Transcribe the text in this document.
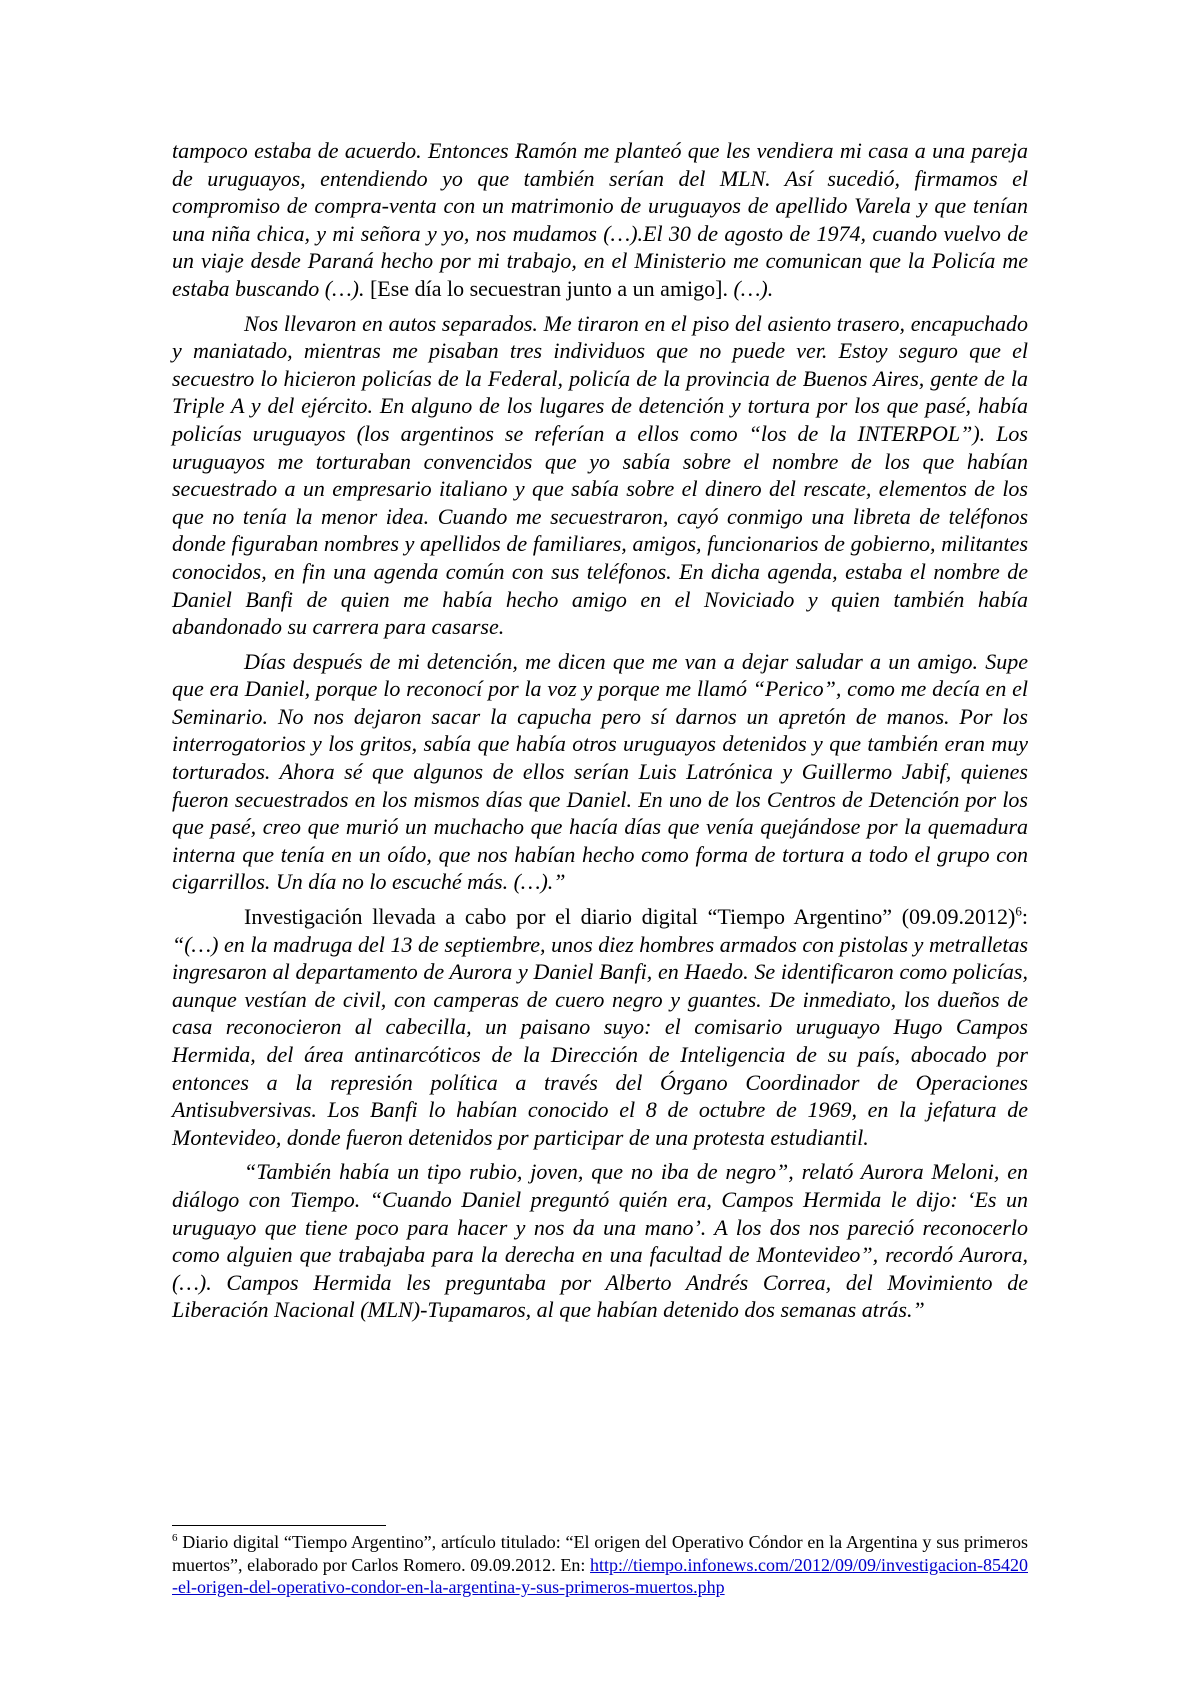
tampoco estaba de acuerdo. Entonces Ramón me planteó que les vendiera mi casa a una pareja de uruguayos, entendiendo yo que también serían del MLN. Así sucedió, firmamos el compromiso de compra-venta con un matrimonio de uruguayos de apellido Varela y que tenían una niña chica, y mi señora y yo, nos mudamos (…).El 30 de agosto de 1974, cuando vuelvo de un viaje desde Paraná hecho por mi trabajo, en el Ministerio me comunican que la Policía me estaba buscando (…). [Ese día lo secuestran junto a un amigo]. (…).

Nos llevaron en autos separados. Me tiraron en el piso del asiento trasero, encapuchado y maniatado, mientras me pisaban tres individuos que no puede ver. Estoy seguro que el secuestro lo hicieron policías de la Federal, policía de la provincia de Buenos Aires, gente de la Triple A y del ejército. En alguno de los lugares de detención y tortura por los que pasé, había policías uruguayos (los argentinos se referían a ellos como “los de la INTERPOL”). Los uruguayos me torturaban convencidos que yo sabía sobre el nombre de los que habían secuestrado a un empresario italiano y que sabía sobre el dinero del rescate, elementos de los que no tenía la menor idea. Cuando me secuestraron, cayó conmigo una libreta de teléfonos donde figuraban nombres y apellidos de familiares, amigos, funcionarios de gobierno, militantes conocidos, en fin una agenda común con sus teléfonos. En dicha agenda, estaba el nombre de Daniel Banfi de quien me había hecho amigo en el Noviciado y quien también había abandonado su carrera para casarse.

Días después de mi detención, me dicen que me van a dejar saludar a un amigo. Supe que era Daniel, porque lo reconocí por la voz y porque me llamó “Perico”, como me decía en el Seminario. No nos dejaron sacar la capucha pero sí darnos un apretón de manos. Por los interrogatorios y los gritos, sabía que había otros uruguayos detenidos y que también eran muy torturados. Ahora sé que algunos de ellos serían Luis Latrónica y Guillermo Jabif, quienes fueron secuestrados en los mismos días que Daniel. En uno de los Centros de Detención por los que pasé, creo que murió un muchacho que hacía días que venía quejándose por la quemadura interna que tenía en un oído, que nos habían hecho como forma de tortura a todo el grupo con cigarrillos. Un día no lo escuché más. (…).”

Investigación llevada a cabo por el diario digital “Tiempo Argentino” $(09.09.2012)^6$: “(…) en la madruga del 13 de septiembre, unos diez hombres armados con pistolas y metralletas ingresaron al departamento de Aurora y Daniel Banfi, en Haedo. Se identificaron como policías, aunque vestían de civil, con camperas de cuero negro y guantes. De inmediato, los dueños de casa reconocieron al cabecilla, un paisano suyo: el comisario uruguayo Hugo Campos Hermida, del área antinarcóticos de la Dirección de Inteligencia de su país, abocado por entonces a la represión política a través del Órgano Coordinador de Operaciones Antisubversivas. Los Banfi lo habían conocido el 8 de octubre de 1969, en la jefatura de Montevideo, donde fueron detenidos por participar de una protesta estudiantil.

“También había un tipo rubio, joven, que no iba de negro”, relató Aurora Meloni, en diálogo con Tiempo. “Cuando Daniel preguntó quién era, Campos Hermida le dijo: ‘Es un uruguayo que tiene poco para hacer y nos da una mano’. A los dos nos pareció reconocerlo como alguien que trabajaba para la derecha en una facultad de Montevideo”, recordó Aurora, (…). Campos Hermida les preguntaba por Alberto Andrés Correa, del Movimiento de Liberación Nacional (MLN)-Tupamaros, al que habían detenido dos semanas atrás.”

$^6$ Diario digital “Tiempo Argentino”, artículo titulado: “El origen del Operativo Cóndor en la Argentina y sus primeros muertos”, elaborado por Carlos Romero. 09.09.2012. En: http://tiempo.infonews.com/2012/09/09/investigacion-85420-el-origen-del-operativo-condor-en-la-argentina-y-sus-primeros-muertos.php
